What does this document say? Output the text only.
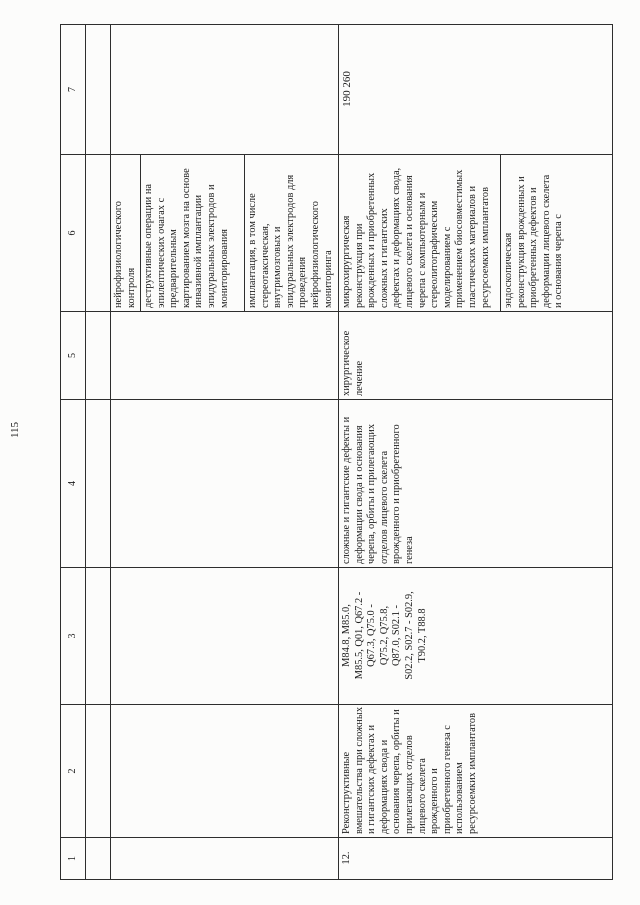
115
1
2
3
4
5
6
7
нейрофизиологического
контроля деструктивные операции на
эпилептических очагах с
предварительным
картированием мозга на основе
инвазивной имплантации
эпидуральных электродов и
мониторирования	имплантация, в том числе
стереотаксическая,
внутримозговых и
эпидуральных электродов для
проведения
нейрофизиологического
мониторинга
12.
Реконструктивные
вмешательства при сложных
и гигантских дефектах и
деформациях свода и
основания черепа, орбиты и
прилегающих отделов
лицевого скелета
врожденного и
приобретенного генеза с
использованием
ресурсоемких имплантатов
M84.8, M85.0,
M85.5, Q01, Q67.2 -
Q67.3, Q75.0 -
Q75.2, Q75.8,
Q87.0, S02.1 -
S02.2, S02.7 - S02.9,
T90.2, T88.8
сложные и гигантские дефекты и
деформации свода и основания
черепа, орбиты и прилегающих
отделов лицевого скелета
врожденного и приобретенного
генеза
хирургическое
лечение
микрохирургическая
реконструкция при
врожденных и приобретенных
сложных и гигантских
дефектах и деформациях свода,
лицевого скелета и основания
черепа с компьютерным и
стереолитографическим
моделированием с
применением биосовместимых
пластических материалов и
ресурсоемких имплантатов
эндоскопическая
реконструкция врожденных и
приобретенных дефектов и
деформации лицевого скелета
и основания черепа с
190 260
